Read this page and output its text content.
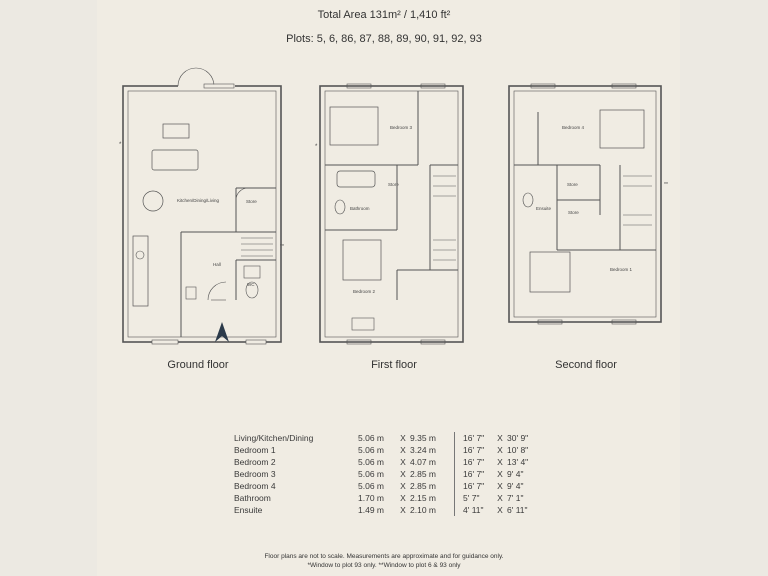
Total Area 131m² / 1,410 ft²
Plots: 5, 6, 86, 87, 88, 89, 90, 91, 92, 93
Kitchen/Dining/Living	Store
Hall
WC
Bedroom 3
Store
Bathroom
Bedroom 2
Bedroom 4
Store
Ensuite
Store
Bedroom 1
*
**
*
**
Ground floor	First floor	Second floor
Living/Kitchen/Dining	5.06 m	X	9.35 m		16' 7"	X	30' 9"
Bedroom 1	5.06 m	X	3.24 m		16' 7"	X	10' 8"
Bedroom 2	5.06 m	X	4.07 m		16' 7"	X	13' 4"
Bedroom 3	5.06 m	X	2.85 m		16' 7"	X	9' 4"
Bedroom 4	5.06 m	X	2.85 m		16' 7"	X	9' 4"
Bathroom	1.70 m	X	2.15 m		5' 7"	X	7' 1"
Ensuite	1.49 m	X	2.10 m		4' 11"	X	6' 11"
Floor plans are not to scale. Measurements are approximate and for guidance only.
*Window to plot 93 only. **Window to plot 6 & 93 only
